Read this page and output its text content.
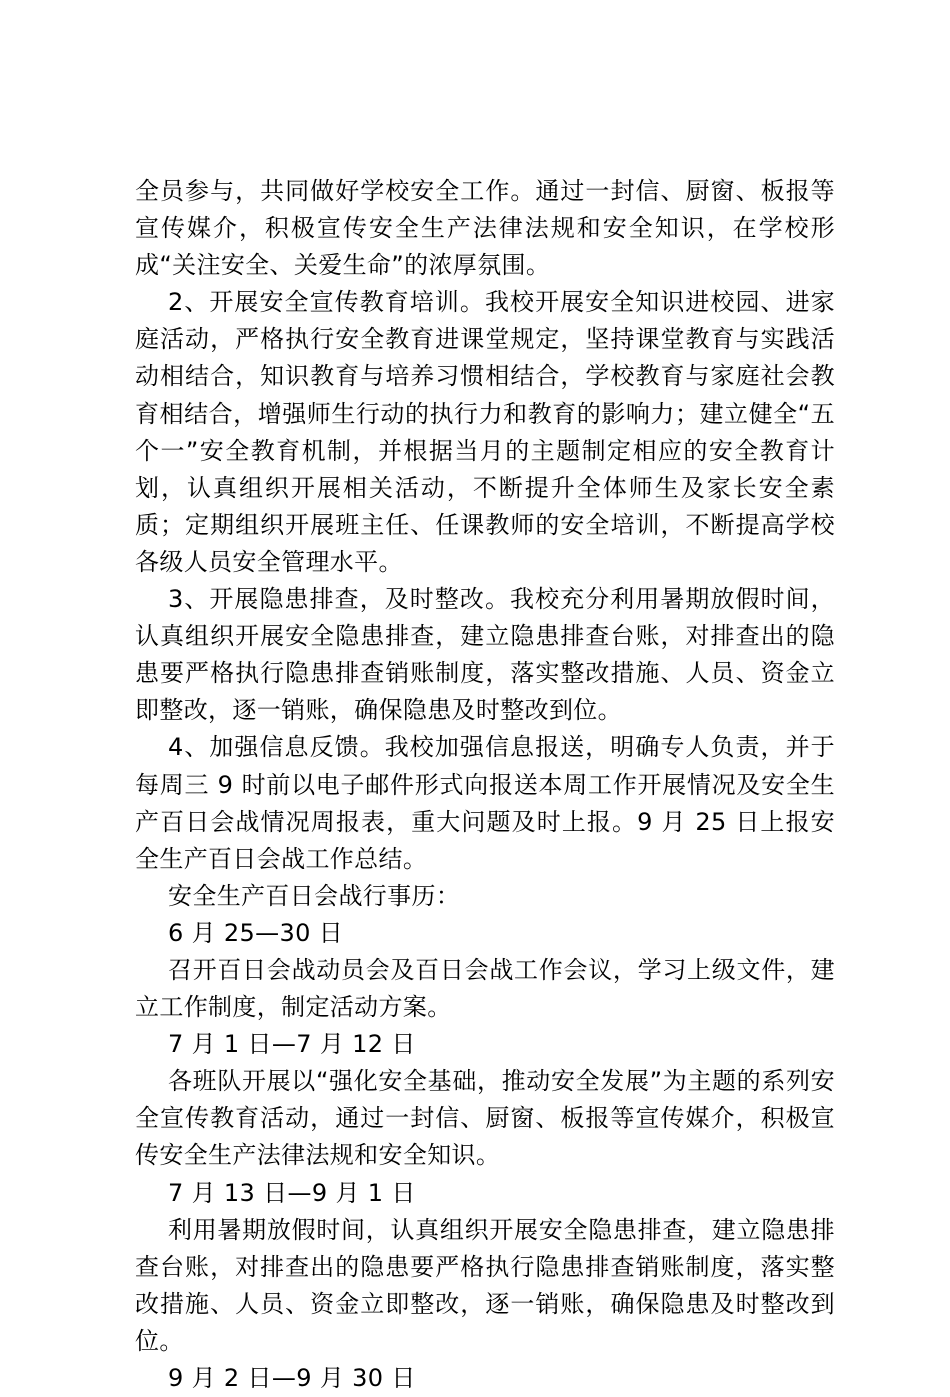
全员参与，共同做好学校安全工作。通过一封信、厨窗、板报等宣传媒介，积极宣传安全生产法律法规和安全知识，在学校形成“关注安全、关爱生命”的浓厚氛围。

2、开展安全宣传教育培训。我校开展安全知识进校园、进家庭活动，严格执行安全教育进课堂规定，坚持课堂教育与实践活动相结合，知识教育与培养习惯相结合，学校教育与家庭社会教育相结合，增强师生行动的执行力和教育的影响力；建立健全“五个一”安全教育机制，并根据当月的主题制定相应的安全教育计划，认真组织开展相关活动，不断提升全体师生及家长安全素质；定期组织开展班主任、任课教师的安全培训，不断提高学校各级人员安全管理水平。

3、开展隐患排查，及时整改。我校充分利用暑期放假时间，认真组织开展安全隐患排查，建立隐患排查台账，对排查出的隐患要严格执行隐患排查销账制度，落实整改措施、人员、资金立即整改，逐一销账，确保隐患及时整改到位。

4、加强信息反馈。我校加强信息报送，明确专人负责，并于每周三 9 时前以电子邮件形式向报送本周工作开展情况及安全生产百日会战情况周报表，重大问题及时上报。9 月 25 日上报安全生产百日会战工作总结。

安全生产百日会战行事历：

6 月 25—30 日

召开百日会战动员会及百日会战工作会议，学习上级文件，建立工作制度，制定活动方案。

7 月 1 日—7 月 12 日

各班队开展以“强化安全基础，推动安全发展”为主题的系列安全宣传教育活动，通过一封信、厨窗、板报等宣传媒介，积极宣传安全生产法律法规和安全知识。

7 月 13 日—9 月 1 日

利用暑期放假时间，认真组织开展安全隐患排查，建立隐患排查台账，对排查出的隐患要严格执行隐患排查销账制度，落实整改措施、人员、资金立即整改，逐一销账，确保隐患及时整改到位。

9 月 2 日—9 月 30 日
